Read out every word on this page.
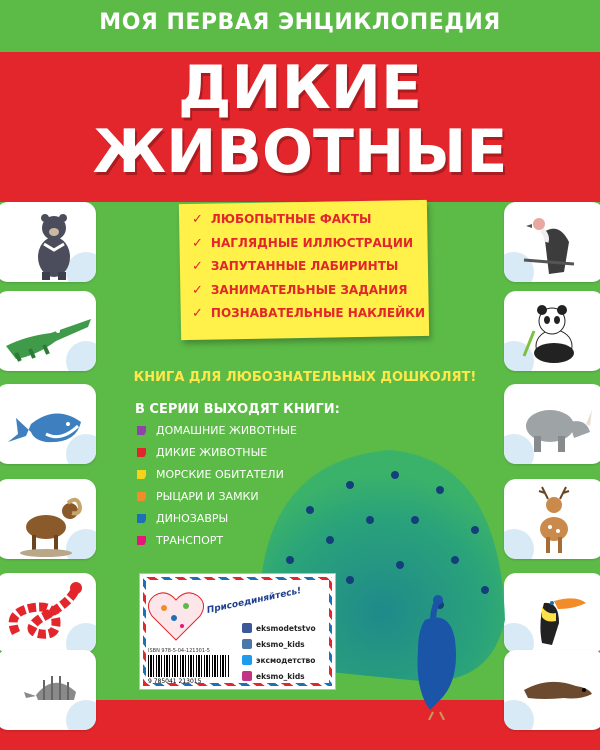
МОЯ ПЕРВАЯ ЭНЦИКЛОПЕДИЯ
ДИКИЕ
ЖИВОТНЫЕ
✓ ЛЮБОПЫТНЫЕ ФАКТЫ
✓ НАГЛЯДНЫЕ ИЛЛЮСТРАЦИИ
✓ ЗАПУТАННЫЕ ЛАБИРИНТЫ
✓ ЗАНИМАТЕЛЬНЫЕ ЗАДАНИЯ
✓ ПОЗНАВАТЕЛЬНЫЕ НАКЛЕЙКИ
КНИГА ДЛЯ ЛЮБОЗНАТЕЛЬНЫХ ДОШКОЛЯТ!
В СЕРИИ ВЫХОДЯТ КНИГИ:
ДОМАШНИЕ ЖИВОТНЫЕ
ДИКИЕ ЖИВОТНЫЕ
МОРСКИЕ ОБИТАТЕЛИ
РЫЦАРИ И ЗАМКИ
ДИНОЗАВРЫ
ТРАНСПОРТ
Присоединяйтесь!
ISBN 978-5-04-121301-5
9 785041 213015
eksmodetstvo
eksmo_kids
эксмодетство
eksmo_kids
